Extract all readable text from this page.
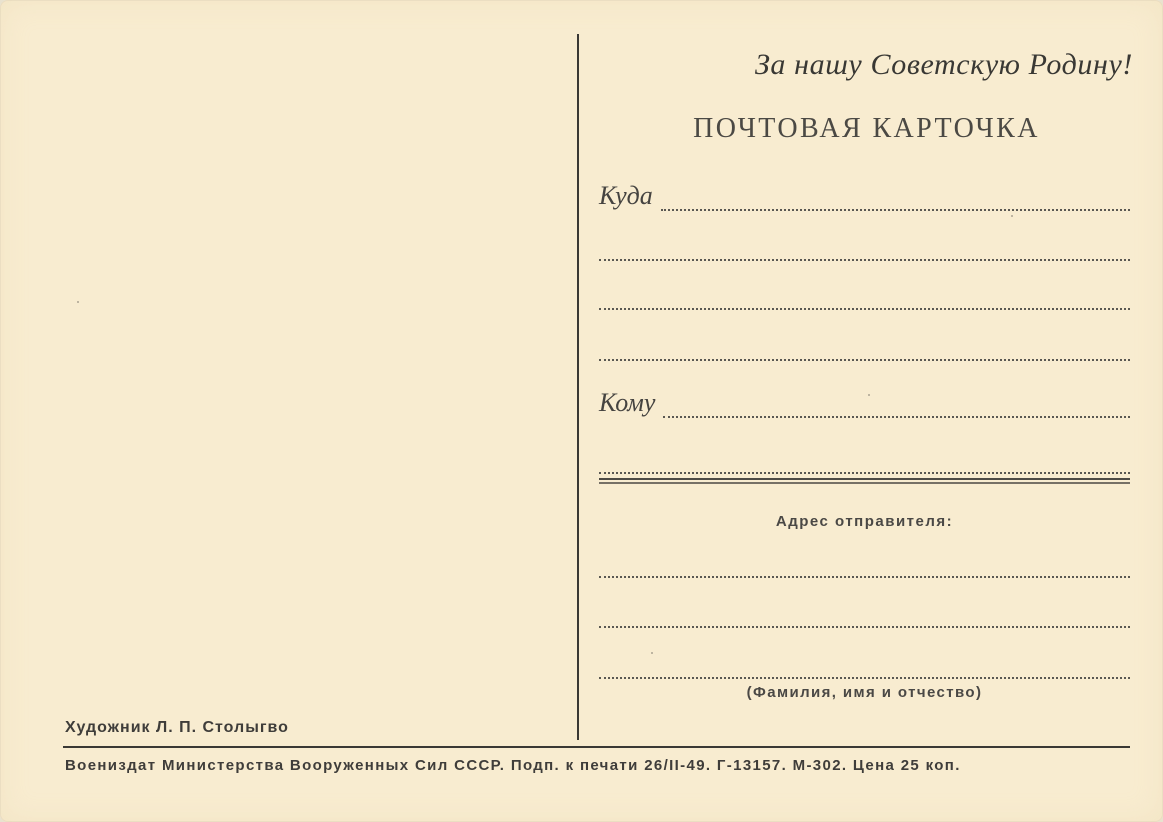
За нашу Советскую Родину!
ПОЧТОВАЯ КАРТОЧКА
Куда
Кому
Адрес отправителя:
(Фамилия, имя и отчество)
Художник Л. П. Столыгво
Воениздат Министерства Вооруженных Сил СССР. Подп. к печати 26/II-49. Г-13157. М-302. Цена 25 коп.
